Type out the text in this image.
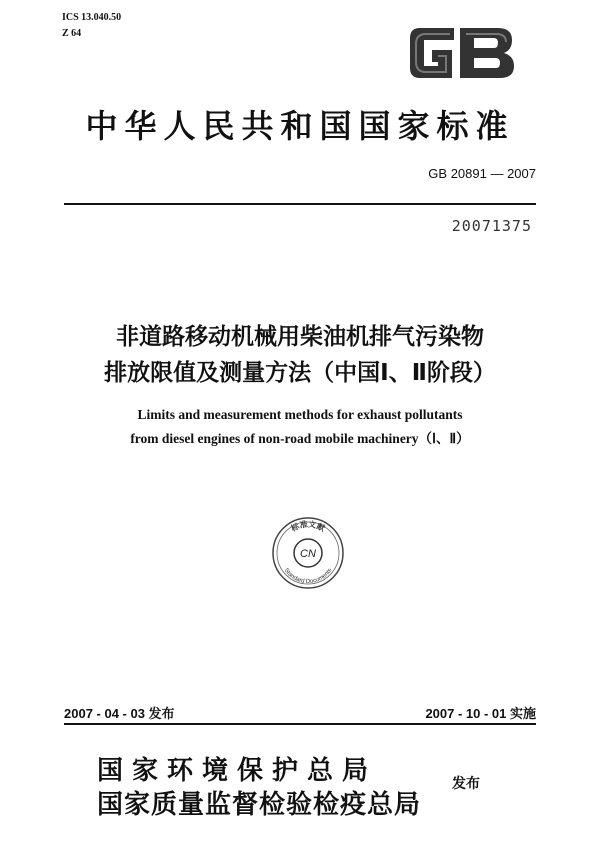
ICS 13.040.50
Z 64
中华人民共和国国家标准
GB 20891 — 2007
20071375
非道路移动机械用柴油机排气污染物
排放限值及测量方法（中国Ⅰ、Ⅱ阶段）
Limits and measurement methods for exhaust pollutants
from diesel engines of non-road mobile machinery（Ⅰ、Ⅱ）
标准文献
CN
Standard Documents
2007 - 04 - 03 发布	2007 - 10 - 01 实施
国家环境保护总局
国家质量监督检验检疫总局
发布
